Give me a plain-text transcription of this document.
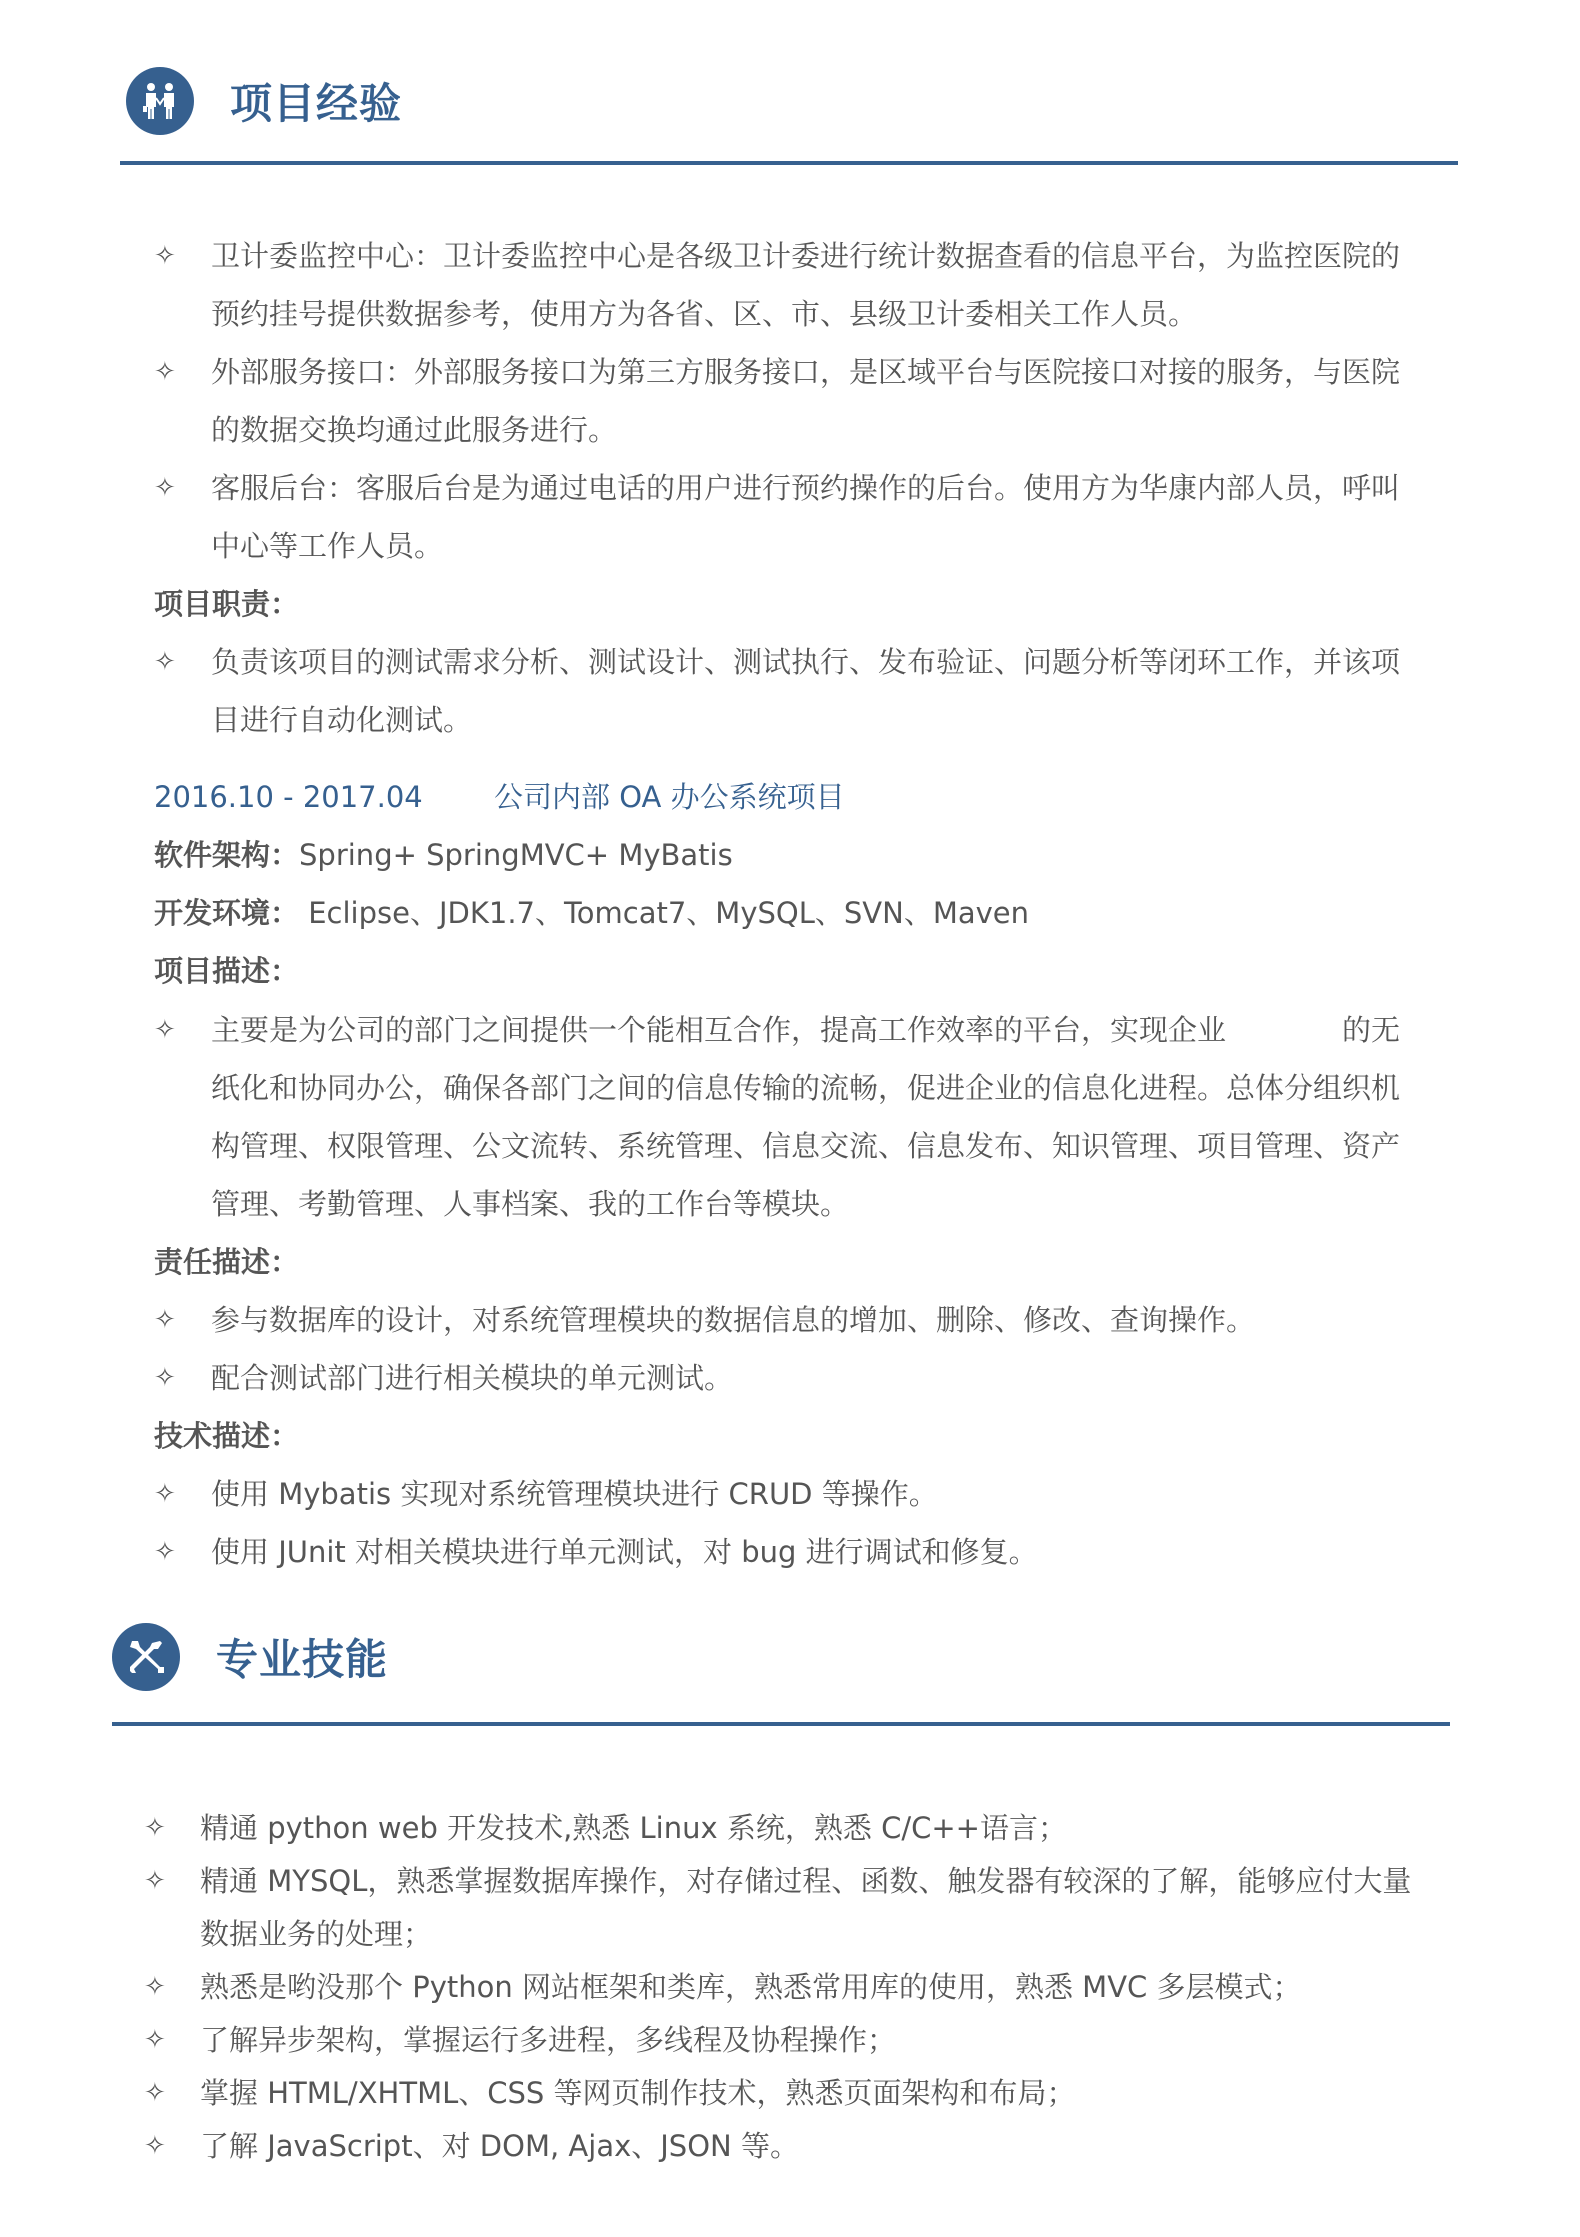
项目经验
✧ 卫计委监控中心：卫计委监控中心是各级卫计委进行统计数据查看的信息平台，为监控医院的
预约挂号提供数据参考，使用方为各省、区、市、县级卫计委相关工作人员。
✧ 外部服务接口：外部服务接口为第三方服务接口，是区域平台与医院接口对接的服务，与医院
的数据交换均通过此服务进行。
✧ 客服后台：客服后台是为通过电话的用户进行预约操作的后台。使用方为华康内部人员，呼叫
中心等工作人员。
项目职责：
✧ 负责该项目的测试需求分析、测试设计、测试执行、发布验证、问题分析等闭环工作，并该项
目进行自动化测试。
2016.10 - 2017.04 公司内部 OA 办公系统项目
软件架构：Spring+ SpringMVC+ MyBatis
开发环境： Eclipse、JDK1.7、Tomcat7、MySQL、SVN、Maven
项目描述：
✧ 主要是为公司的部门之间提供一个能相互合作，提高工作效率的平台，实现企业　　　　的无
纸化和协同办公，确保各部门之间的信息传输的流畅，促进企业的信息化进程。总体分组织机
构管理、权限管理、公文流转、系统管理、信息交流、信息发布、知识管理、项目管理、资产
管理、考勤管理、人事档案、我的工作台等模块。
责任描述：
✧ 参与数据库的设计，对系统管理模块的数据信息的增加、删除、修改、查询操作。
✧ 配合测试部门进行相关模块的单元测试。
技术描述：
✧ 使用 Mybatis 实现对系统管理模块进行 CRUD 等操作。
✧ 使用 JUnit 对相关模块进行单元测试，对 bug 进行调试和修复。
专业技能
✧ 精通 python web 开发技术,熟悉 Linux 系统，熟悉 C/C++语言；
✧ 精通 MYSQL，熟悉掌握数据库操作，对存储过程、函数、触发器有较深的了解，能够应付大量
数据业务的处理；
✧ 熟悉是哟没那个 Python 网站框架和类库，熟悉常用库的使用，熟悉 MVC 多层模式；
✧ 了解异步架构，掌握运行多进程，多线程及协程操作；
✧ 掌握 HTML/XHTML、CSS 等网页制作技术，熟悉页面架构和布局；
✧ 了解 JavaScript、对 DOM, Ajax、JSON 等。
